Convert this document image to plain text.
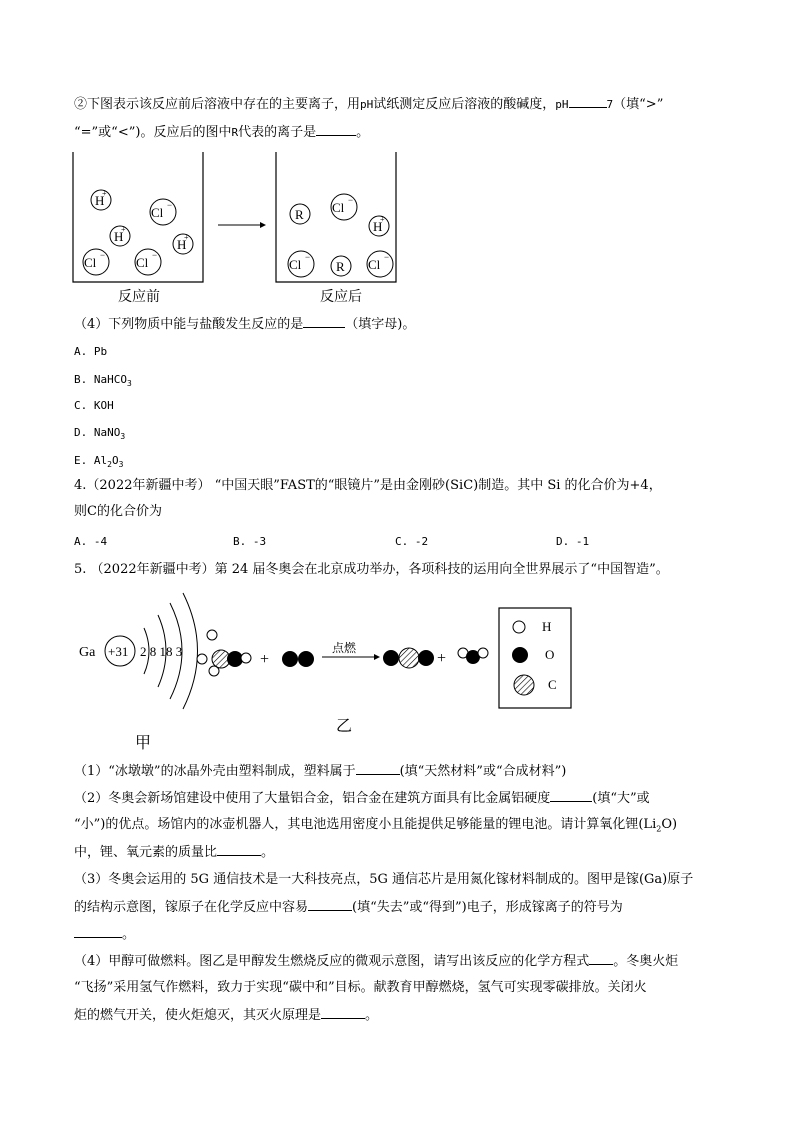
②下图表示该反应前后溶液中存在的主要离子，用pH试纸测定反应后溶液的酸碱度，pH	7（填“>”
“=”或“<”)。反应后的图中R代表的离子是	。
H
+
Cl −
H
+
H
+
Cl − Cl −
R Cl −
H
+
Cl −
R Cl −
反应前	反应后
（4）下列物质中能与盐酸发生反应的是	（填字母)。
A. Pb
B. NaHCO$_3$
C. KOH
D. NaNO$_3$
E. $Al_2O_3$
4.（2022年新疆中考） “中国天眼”FAST的“眼镜片”是由金刚砂(SiC)制造。其中 Si 的化合价为+4，
则C的化合价为
A. -4	B. -3	C. -2	D. -1
5. （2022年新疆中考）第 24 届冬奥会在北京成功举办，各项科技的运用向全世界展示了“中国智造”。
Ga +31 2 8 18 3	+
点燃
+
H
O
C
乙
甲
（1）“冰墩墩”的冰晶外壳由塑料制成，塑料属于	(填“天然材料”或“合成材料”)
（2）冬奥会新场馆建设中使用了大量铝合金，铝合金在建筑方面具有比金属铝硬度	(填“大”或
“小”)的优点。场馆内的冰壶机器人，其电池选用密度小且能提供足够能量的锂电池。请计算氧化锂$(Li_2O)$
中，锂、氧元素的质量比	。
（3）冬奥会运用的 5G 通信技术是一大科技亮点，5G 通信芯片是用氮化镓材料制成的。图甲是镓(Ga)原子
的结构示意图，镓原子在化学反应中容易	(填“失去”或“得到”)电子，形成镓离子的符号为
。
（4）甲醇可做燃料。图乙是甲醇发生燃烧反应的微观示意图，请写出该反应的化学方程式 。冬奥火炬
“飞扬”采用氢气作燃料，致力于实现“碳中和”目标。献教育甲醇燃烧，氢气可实现零碳排放。关闭火
炬的燃气开关，使火炬熄灭，其灭火原理是	。
